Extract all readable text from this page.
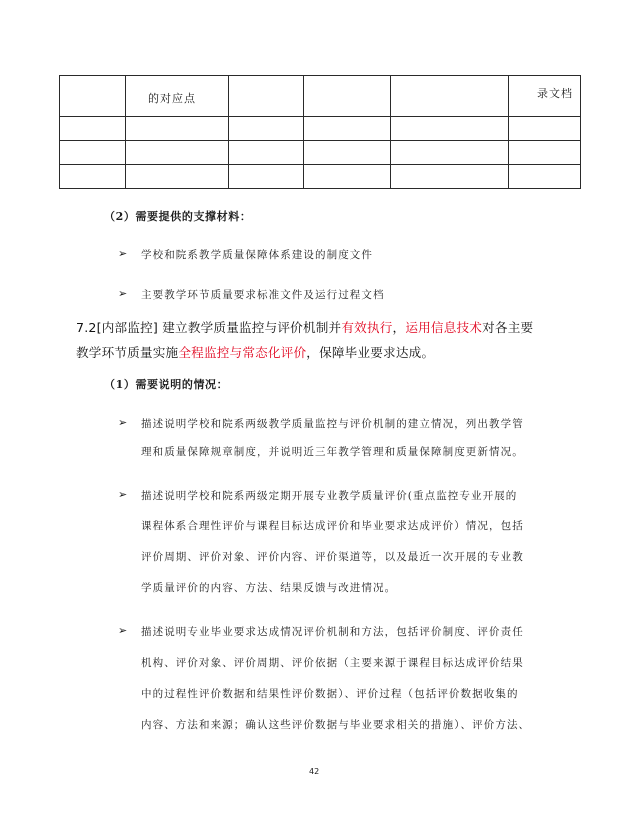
	的对应点				录文档

（2）需要提供的支撑材料：
➢ 学校和院系教学质量保障体系建设的制度文件
➢ 主要教学环节质量要求标准文件及运行过程文档
7.2[内部监控] 建立教学质量监控与评价机制并有效执行，运用信息技术对各主要
教学环节质量实施全程监控与常态化评价，保障毕业要求达成。
（1）需要说明的情况：
➢ 描述说明学校和院系两级教学质量监控与评价机制的建立情况，列出教学管
理和质量保障规章制度，并说明近三年教学管理和质量保障制度更新情况。
➢ 描述说明学校和院系两级定期开展专业教学质量评价(重点监控专业开展的
课程体系合理性评价与课程目标达成评价和毕业要求达成评价）情况，包括
评价周期、评价对象、评价内容、评价渠道等，以及最近一次开展的专业教
学质量评价的内容、方法、结果反馈与改进情况。
➢ 描述说明专业毕业要求达成情况评价机制和方法，包括评价制度、评价责任
机构、评价对象、评价周期、评价依据（主要来源于课程目标达成评价结果
中的过程性评价数据和结果性评价数据）、评价过程（包括评价数据收集的
内容、方法和来源；确认这些评价数据与毕业要求相关的措施）、评价方法、
42
